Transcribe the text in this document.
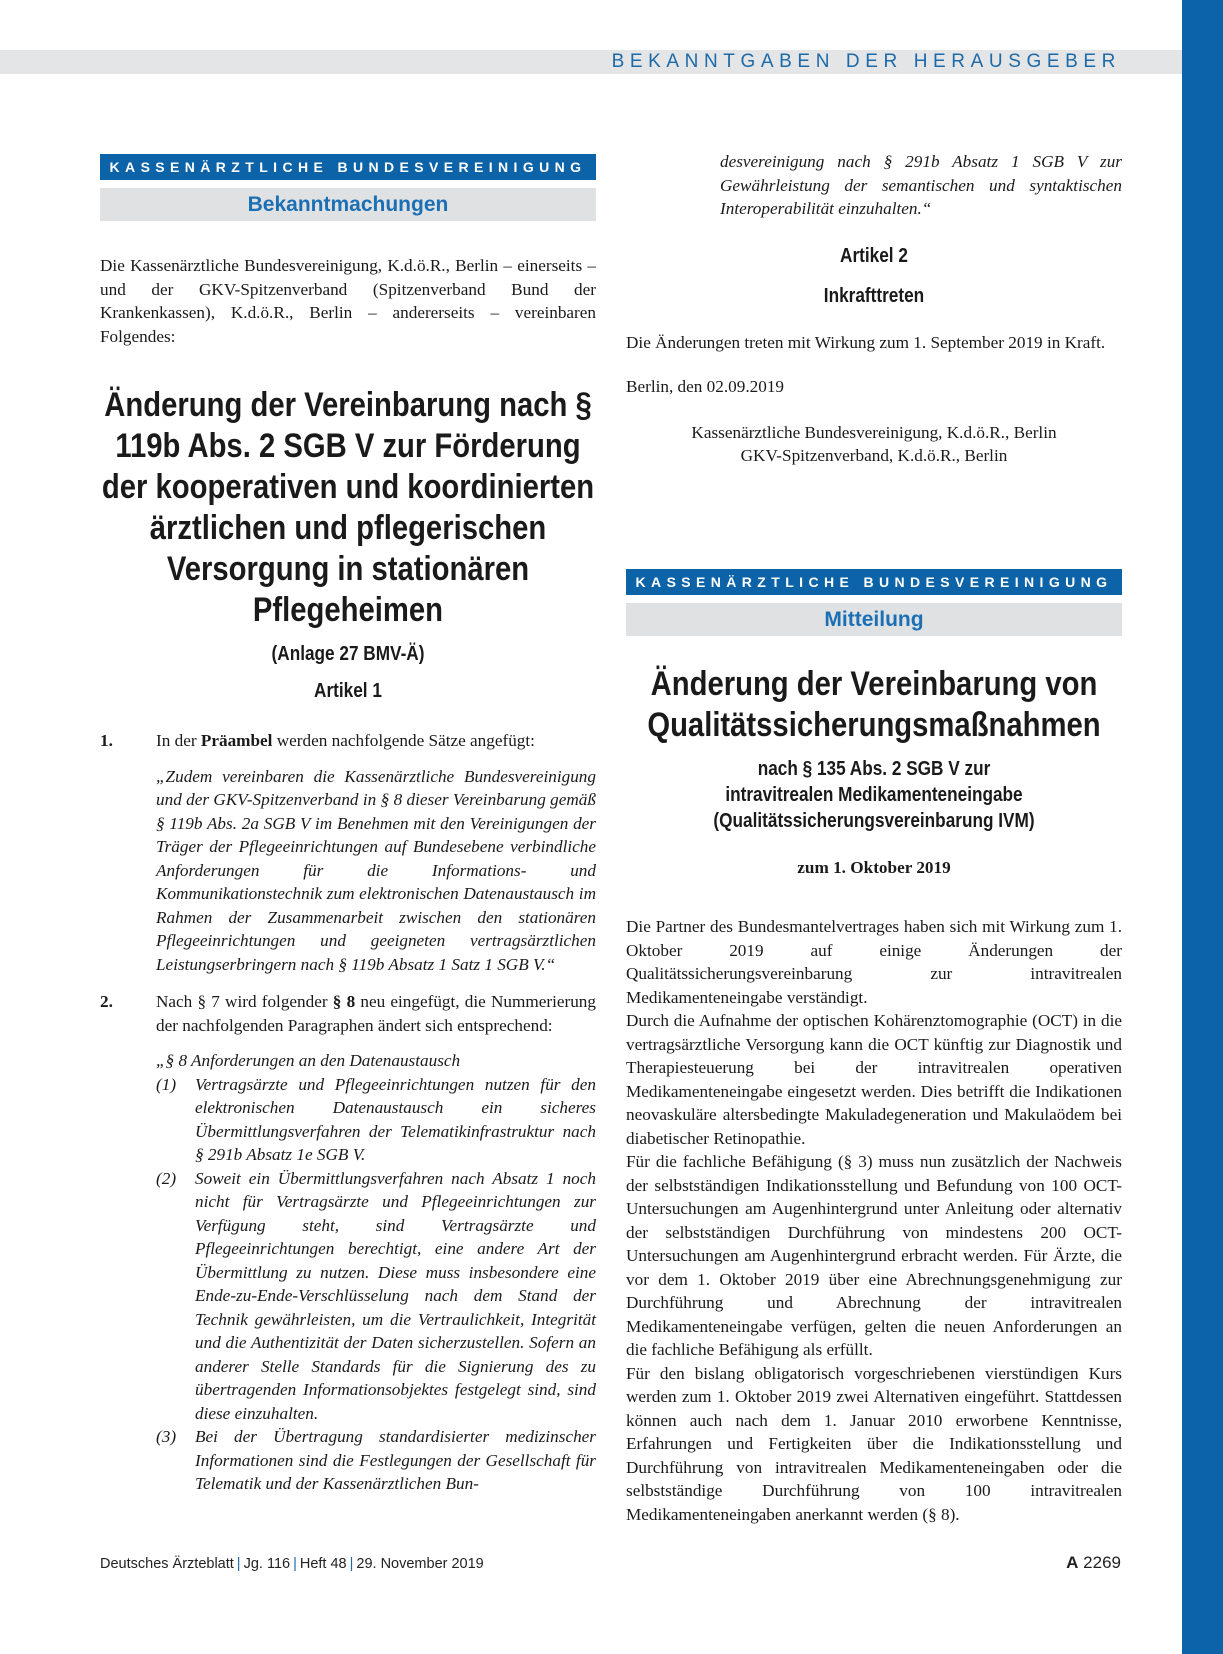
BEKANNTGABEN DER HERAUSGEBER
KASSENÄRZTLICHE BUNDESVEREINIGUNG
Bekanntmachungen

Die Kassenärztliche Bundesvereinigung, K.d.ö.R., Berlin – einerseits – und der GKV-Spitzenverband (Spitzenverband Bund der Krankenkassen), K.d.ö.R., Berlin – andererseits – vereinbaren Folgendes:

Änderung der Vereinbarung nach § 119b Abs. 2 SGB V zur Förderung der kooperativen und koordinierten ärztlichen und pflegerischen Versorgung in stationären Pflegeheimen
(Anlage 27 BMV-Ä)
Artikel 1
1.	In der Präambel werden nachfolgende Sätze angefügt:

„Zudem vereinbaren die Kassenärztliche Bundesvereinigung und der GKV-Spitzenverband in § 8 dieser Vereinbarung gemäß § 119b Abs. 2a SGB V im Benehmen mit den Vereinigungen der Träger der Pflegeeinrichtungen auf Bundesebene verbindliche Anforderungen für die Informations- und Kommunikationstechnik zum elektronischen Datenaustausch im Rahmen der Zusammenarbeit zwischen den stationären Pflegeeinrichtungen und geeigneten vertragsärztlichen Leistungserbringern nach § 119b Absatz 1 Satz 1 SGB V.“

2.	Nach § 7 wird folgender § 8 neu eingefügt, die Nummerierung der nachfolgenden Paragraphen ändert sich entsprechend:
„§ 8 Anforderungen an den Datenaustausch
(1) Vertragsärzte und Pflegeeinrichtungen nutzen für den elektronischen Datenaustausch ein sicheres Übermittlungsverfahren der Telematikinfrastruktur nach § 291b Absatz 1e SGB V.
(2) Soweit ein Übermittlungsverfahren nach Absatz 1 noch nicht für Vertragsärzte und Pflegeeinrichtungen zur Verfügung steht, sind Vertragsärzte und Pflegeeinrichtungen berechtigt, eine andere Art der Übermittlung zu nutzen. Diese muss insbesondere eine Ende-zu-Ende-Verschlüsselung nach dem Stand der Technik gewährleisten, um die Vertraulichkeit, Integrität und die Authentizität der Daten sicherzustellen. Sofern an anderer Stelle Standards für die Signierung des zu übertragenden Informationsobjektes festgelegt sind, sind diese einzuhalten.
(3) Bei der Übertragung standardisierter medizinscher Informationen sind die Festlegungen der Gesellschaft für Telematik und der Kassenärztlichen Bun-

desvereinigung nach § 291b Absatz 1 SGB V zur Gewährleistung der semantischen und syntaktischen Interoperabilität einzuhalten.“

Artikel 2
Inkrafttreten

Die Änderungen treten mit Wirkung zum 1. September 2019 in Kraft.

Berlin, den 02.09.2019

Kassenärztliche Bundesvereinigung, K.d.ö.R., Berlin

GKV-Spitzenverband, K.d.ö.R., Berlin

KASSENÄRZTLICHE BUNDESVEREINIGUNG
Mitteilung
Änderung der Vereinbarung von Qualitätssicherungsmaßnahmen
nach § 135 Abs. 2 SGB V zur intravitrealen Medikamenteneingabe (Qualitätssicherungsvereinbarung IVM)

zum 1. Oktober 2019

Die Partner des Bundesmantelvertrages haben sich mit Wirkung zum 1. Oktober 2019 auf einige Änderungen der Qualitätssicherungsvereinbarung zur intravitrealen Medikamenteneingabe verständigt.

Durch die Aufnahme der optischen Kohärenztomographie (OCT) in die vertragsärztliche Versorgung kann die OCT künftig zur Diagnostik und Therapiesteuerung bei der intravitrealen operativen Medikamenteneingabe eingesetzt werden. Dies betrifft die Indikationen neovaskuläre altersbedingte Makuladegeneration und Makulaödem bei diabetischer Retinopathie.

Für die fachliche Befähigung (§ 3) muss nun zusätzlich der Nachweis der selbstständigen Indikationsstellung und Befundung von 100 OCT-Untersuchungen am Augenhintergrund unter Anleitung oder alternativ der selbstständigen Durchführung von mindestens 200 OCT-Untersuchungen am Augenhintergrund erbracht werden. Für Ärzte, die vor dem 1. Oktober 2019 über eine Abrechnungsgenehmigung zur Durchführung und Abrechnung der intravitrealen Medikamenteneingabe verfügen, gelten die neuen Anforderungen an die fachliche Befähigung als erfüllt.

Für den bislang obligatorisch vorgeschriebenen vierstündigen Kurs werden zum 1. Oktober 2019 zwei Alternativen eingeführt. Stattdessen können auch nach dem 1. Januar 2010 erworbene Kenntnisse, Erfahrungen und Fertigkeiten über die Indikationsstellung und Durchführung von intravitrealen Medikamenteneingaben oder die selbstständige Durchführung von 100 intravitrealen Medikamenteneingaben anerkannt werden (§ 8).

Deutsches Ärzteblatt | Jg. 116 | Heft 48 | 29. November 2019	A 2269
